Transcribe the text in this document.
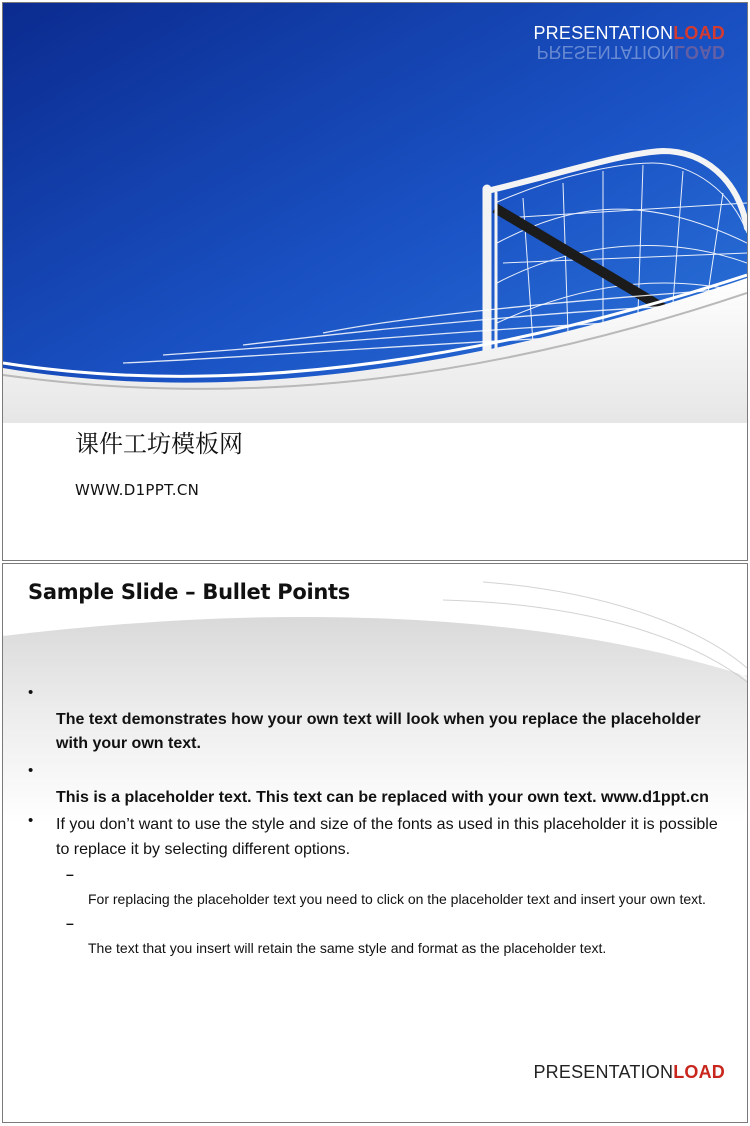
PRESENTATIONLOAD
PRESENTATIONLOAD
课件工坊模板网
WWW.D1PPT.CN
Sample Slide – Bullet Points
•
The text demonstrates how your own text will look when you replace the placeholder with your own text.
•
This is a placeholder text. This text can be replaced with your own text. www.d1ppt.cn
• If you don’t want to use the style and size of the fonts as used in this placeholder it is possible to replace it by selecting different options.
–
For replacing the placeholder text you need to click on the placeholder text and insert your own text.
–
The text that you insert will retain the same style and format as the placeholder text.
PRESENTATIONLOAD
